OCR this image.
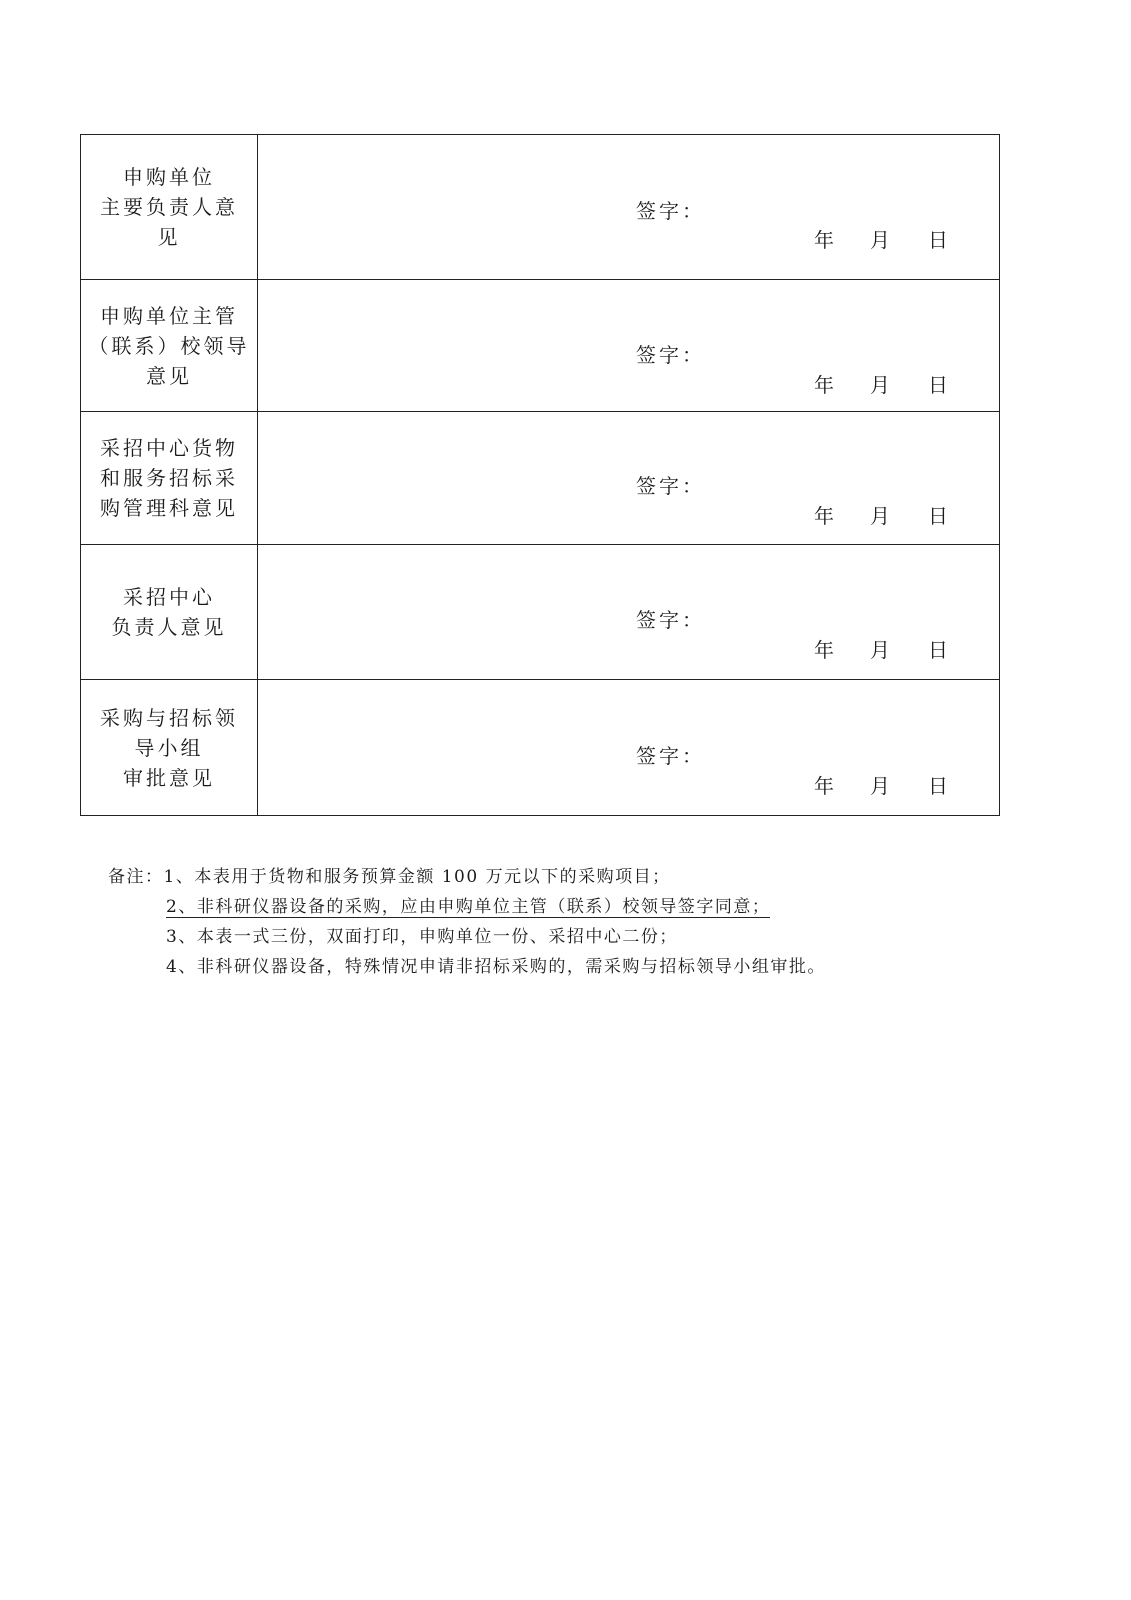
申购单位
主要负责人意
见	签字：
年 月 日

申购单位主管
（联系）校领导
意见	签字：
年 月 日

采招中心货物
和服务招标采
购管理科意见	签字：
年 月 日

采招中心
负责人意见	签字：
年 月 日

采购与招标领
导小组
审批意见	签字：
年 月 日
备注：1、本表用于货物和服务预算金额 100 万元以下的采购项目；
2、非科研仪器设备的采购，应由申购单位主管（联系）校领导签字同意；
3、本表一式三份，双面打印，申购单位一份、采招中心二份；
4、非科研仪器设备，特殊情况申请非招标采购的，需采购与招标领导小组审批。
